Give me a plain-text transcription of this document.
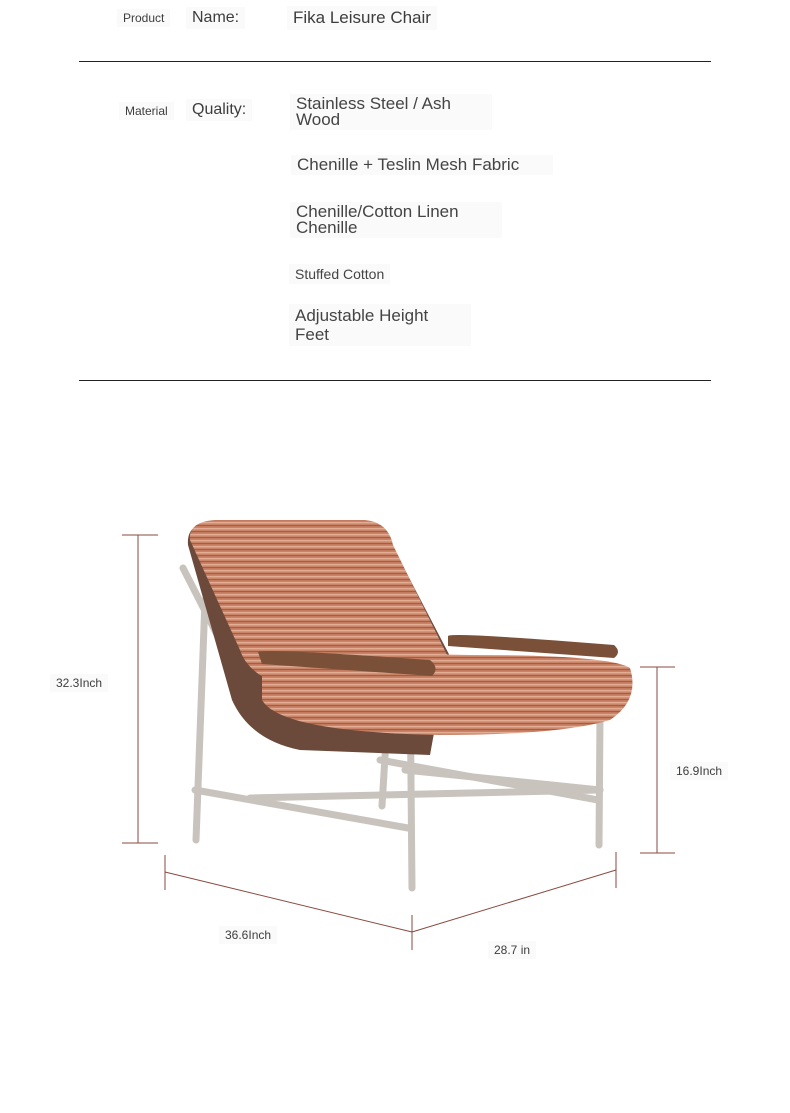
Product	Name:	Fika Leisure Chair
Material	Quality:	Stainless Steel / Ash Wood
Chenille + Teslin Mesh Fabric
Chenille/Cotton Linen Chenille
Stuffed Cotton
Adjustable Height Feet
32.3Inch
16.9Inch
36.6Inch
28.7 in
